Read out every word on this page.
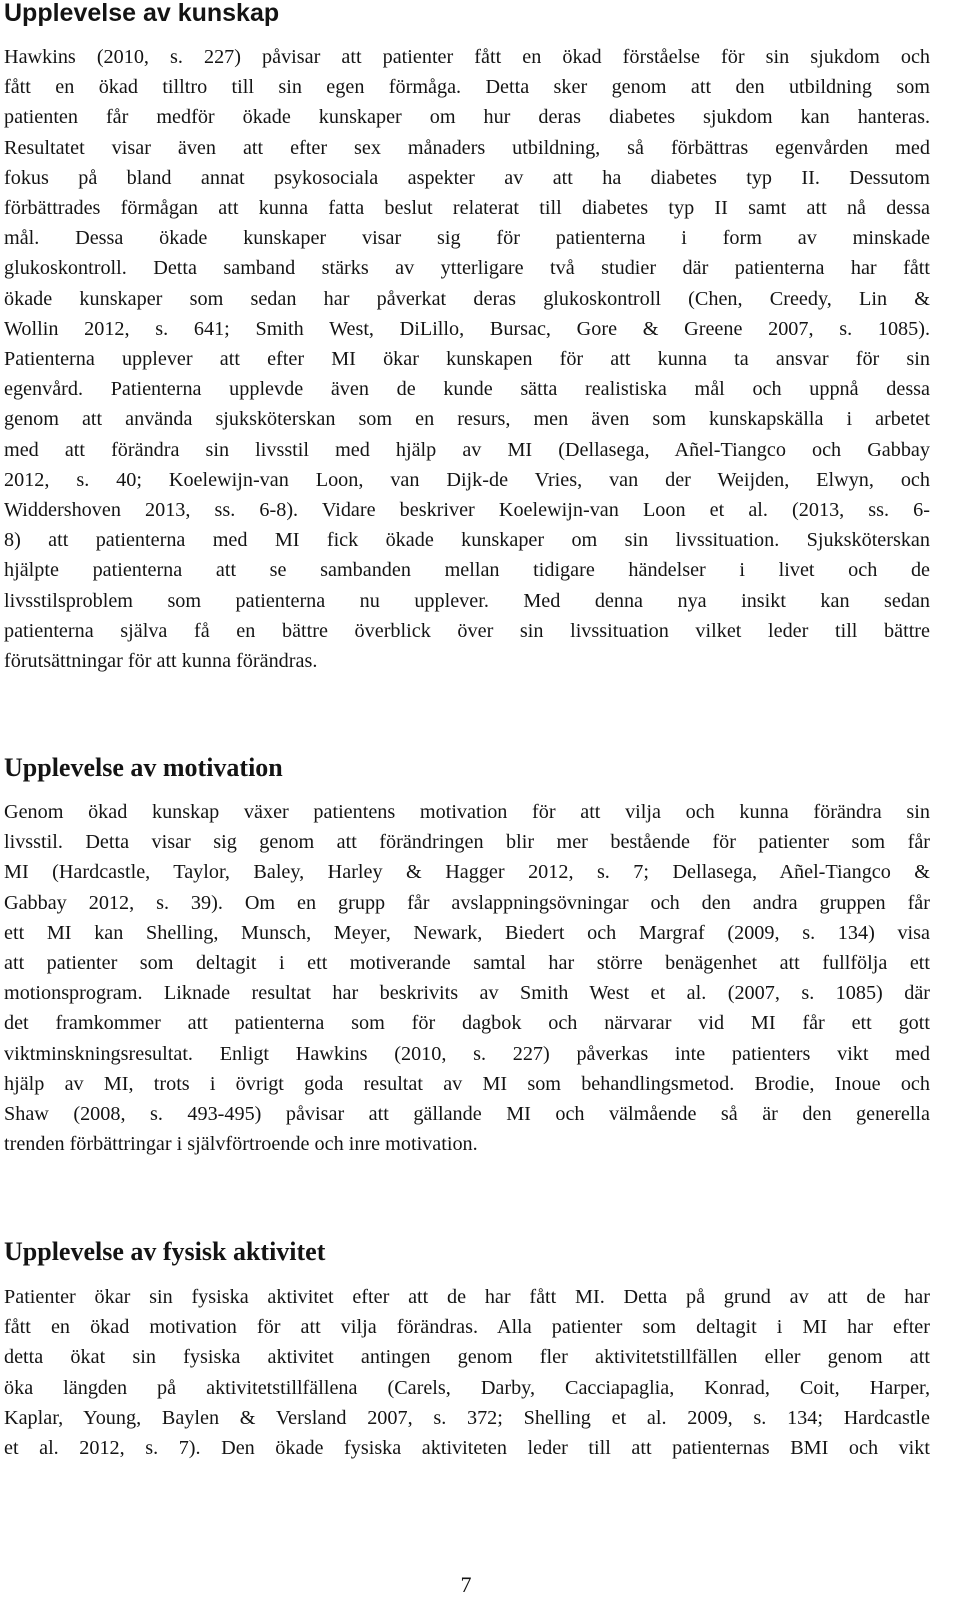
Upplevelse av kunskap
Hawkins (2010, s. 227) påvisar att patienter fått en ökad förståelse för sin sjukdom och
fått en ökad tilltro till sin egen förmåga. Detta sker genom att den utbildning som
patienten får medför ökade kunskaper om hur deras diabetes sjukdom kan hanteras.
Resultatet visar även att efter sex månaders utbildning, så förbättras egenvården med
fokus på bland annat psykosociala aspekter av att ha diabetes typ II. Dessutom
förbättrades förmågan att kunna fatta beslut relaterat till diabetes typ II samt att nå dessa
mål. Dessa ökade kunskaper visar sig för patienterna i form av minskade
glukoskontroll. Detta samband stärks av ytterligare två studier där patienterna har fått
ökade kunskaper som sedan har påverkat deras glukoskontroll (Chen, Creedy, Lin &
Wollin 2012, s. 641; Smith West, DiLillo, Bursac, Gore & Greene 2007, s. 1085).
Patienterna upplever att efter MI ökar kunskapen för att kunna ta ansvar för sin
egenvård. Patienterna upplevde även de kunde sätta realistiska mål och uppnå dessa
genom att använda sjuksköterskan som en resurs, men även som kunskapskälla i arbetet
med att förändra sin livsstil med hjälp av MI (Dellasega, Añel-Tiangco och Gabbay
2012, s. 40; Koelewijn-van Loon, van Dijk-de Vries, van der Weijden, Elwyn, och
Widdershoven 2013, ss. 6-8). Vidare beskriver Koelewijn-van Loon et al. (2013, ss. 6-
8) att patienterna med MI fick ökade kunskaper om sin livssituation. Sjuksköterskan
hjälpte patienterna att se sambanden mellan tidigare händelser i livet och de
livsstilsproblem som patienterna nu upplever. Med denna nya insikt kan sedan
patienterna själva få en bättre överblick över sin livssituation vilket leder till bättre
förutsättningar för att kunna förändras.
Upplevelse av motivation
Genom ökad kunskap växer patientens motivation för att vilja och kunna förändra sin
livsstil. Detta visar sig genom att förändringen blir mer bestående för patienter som får
MI (Hardcastle, Taylor, Baley, Harley & Hagger 2012, s. 7; Dellasega, Añel-Tiangco &
Gabbay 2012, s. 39). Om en grupp får avslappningsövningar och den andra gruppen får
ett MI kan Shelling, Munsch, Meyer, Newark, Biedert och Margraf (2009, s. 134) visa
att patienter som deltagit i ett motiverande samtal har större benägenhet att fullfölja ett
motionsprogram. Liknade resultat har beskrivits av Smith West et al. (2007, s. 1085) där
det framkommer att patienterna som för dagbok och närvarar vid MI får ett gott
viktminskningsresultat. Enligt Hawkins (2010, s. 227) påverkas inte patienters vikt med
hjälp av MI, trots i övrigt goda resultat av MI som behandlingsmetod. Brodie, Inoue och
Shaw (2008, s. 493-495) påvisar att gällande MI och välmående så är den generella
trenden förbättringar i självförtroende och inre motivation.
Upplevelse av fysisk aktivitet
Patienter ökar sin fysiska aktivitet efter att de har fått MI. Detta på grund av att de har
fått en ökad motivation för att vilja förändras. Alla patienter som deltagit i MI har efter
detta ökat sin fysiska aktivitet antingen genom fler aktivitetstillfällen eller genom att
öka längden på aktivitetstillfällena (Carels, Darby, Cacciapaglia, Konrad, Coit, Harper,
Kaplar, Young, Baylen & Versland 2007, s. 372; Shelling et al. 2009, s. 134; Hardcastle
et al. 2012, s. 7). Den ökade fysiska aktiviteten leder till att patienternas BMI och vikt
7
